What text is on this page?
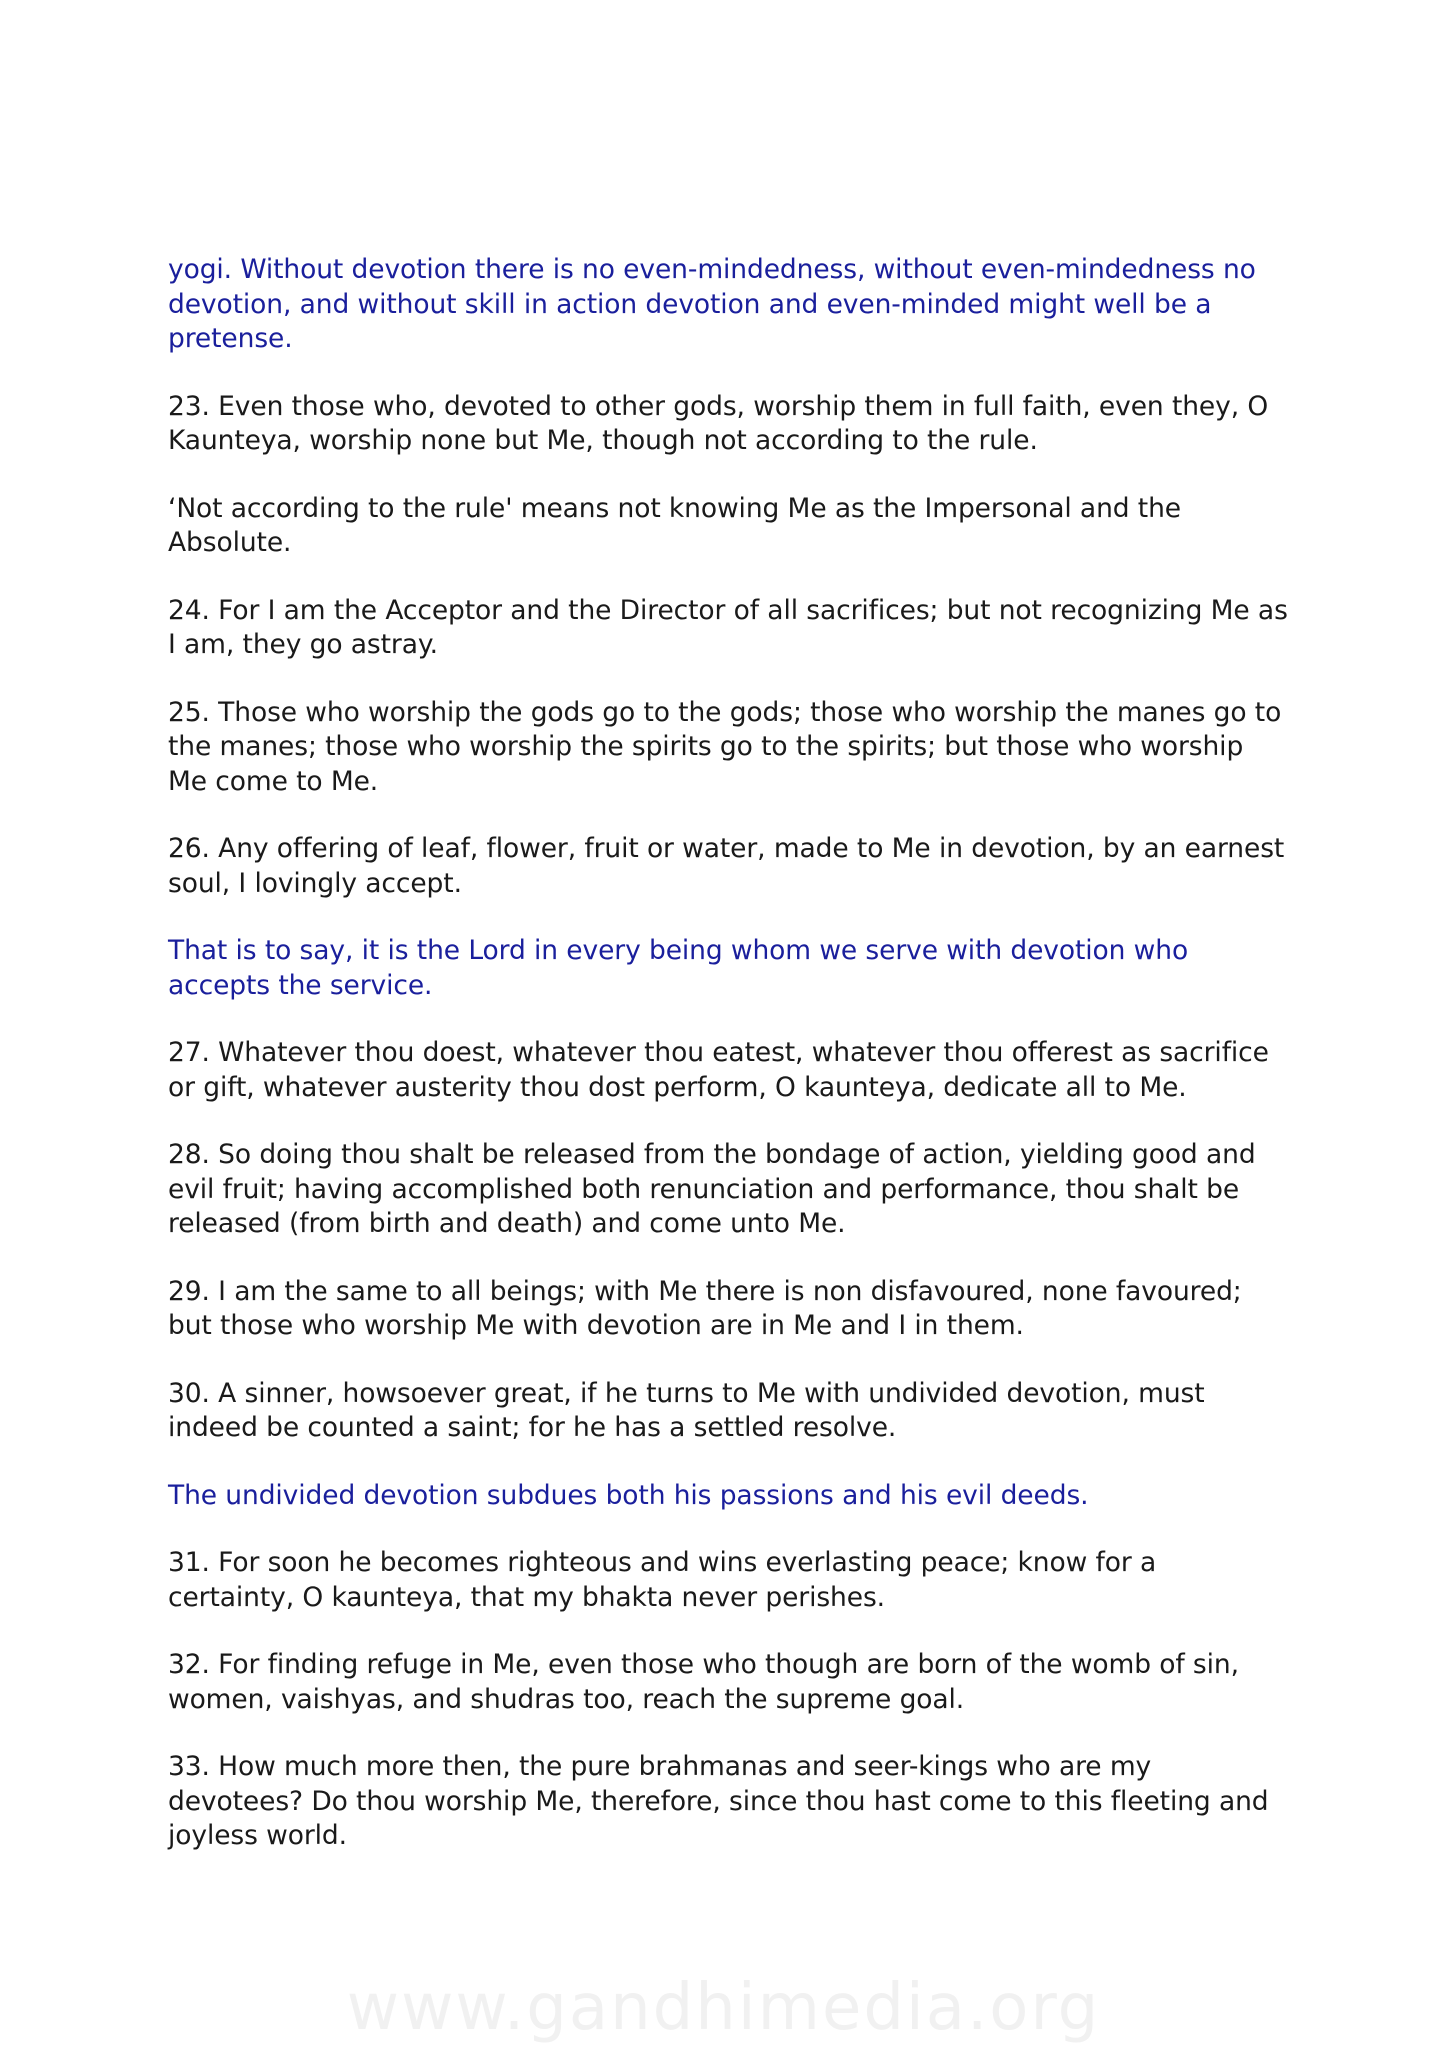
yogi. Without devotion there is no even-mindedness, without even-mindedness no devotion, and without skill in action devotion and even-minded might well be a pretense.

23. Even those who, devoted to other gods, worship them in full faith, even they, O Kaunteya, worship none but Me, though not according to the rule.

‘Not according to the rule' means not knowing Me as the Impersonal and the Absolute.

24. For I am the Acceptor and the Director of all sacrifices; but not recognizing Me as I am, they go astray.

25. Those who worship the gods go to the gods; those who worship the manes go to the manes; those who worship the spirits go to the spirits; but those who worship Me come to Me.

26. Any offering of leaf, flower, fruit or water, made to Me in devotion, by an earnest soul, I lovingly accept.

That is to say, it is the Lord in every being whom we serve with devotion who accepts the service.

27. Whatever thou doest, whatever thou eatest, whatever thou offerest as sacrifice or gift, whatever austerity thou dost perform, O kaunteya, dedicate all to Me.

28. So doing thou shalt be released from the bondage of action, yielding good and evil fruit; having accomplished both renunciation and performance, thou shalt be released (from birth and death) and come unto Me.

29. I am the same to all beings; with Me there is non disfavoured, none favoured; but those who worship Me with devotion are in Me and I in them.

30. A sinner, howsoever great, if he turns to Me with undivided devotion, must indeed be counted a saint; for he has a settled resolve.

The undivided devotion subdues both his passions and his evil deeds.

31. For soon he becomes righteous and wins everlasting peace; know for a certainty, O kaunteya, that my bhakta never perishes.

32. For finding refuge in Me, even those who though are born of the womb of sin, women, vaishyas, and shudras too, reach the supreme goal.

33. How much more then, the pure brahmanas and seer-kings who are my devotees? Do thou worship Me, therefore, since thou hast come to this fleeting and joyless world.

www.gandhimedia.org
